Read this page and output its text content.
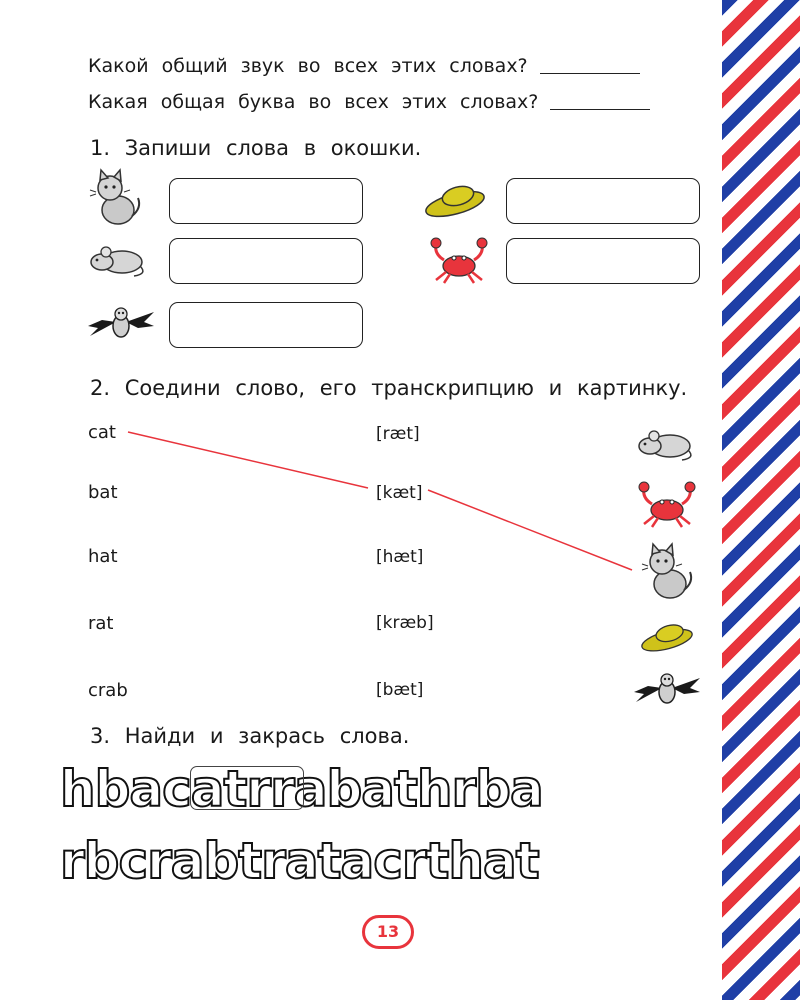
Какой общий звук во всех этих словах?
Какая общая буква во всех этих словах?
1. Запиши слова в окошки.
2. Соедини слово, его транскрипцию и картинку.
cat
bat
hat
rat
crab
[ræt]
[kæt]
[hæt]
[kræb]
[bæt]
3. Найди и закрась слова.
hbacatrrabathrba
rbcrabtratacrthat
13
